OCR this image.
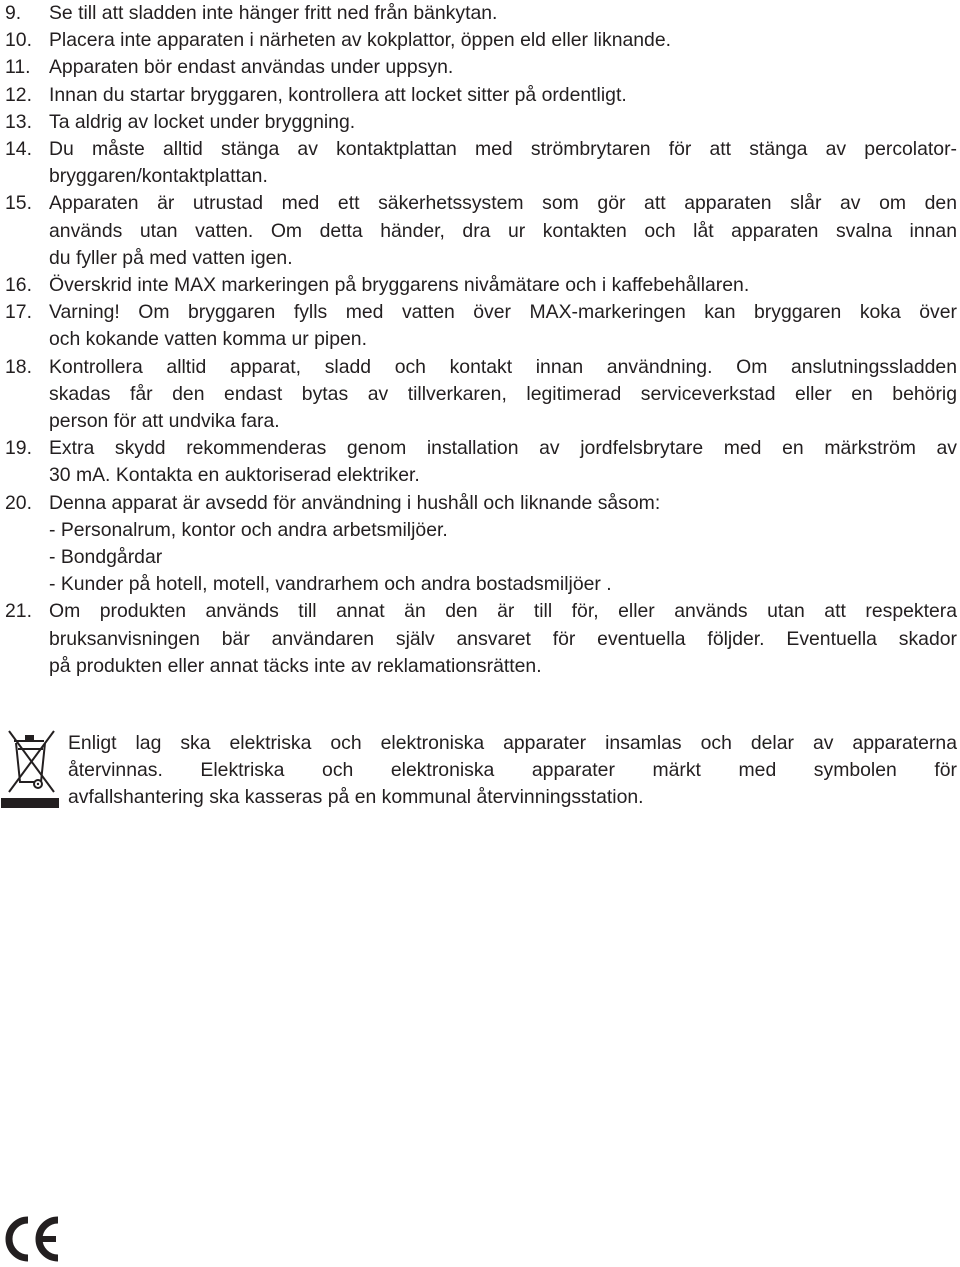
9.	Se till att sladden inte hänger fritt ned från bänkytan.
10. Placera inte apparaten i närheten av kokplattor, öppen eld eller liknande.
11. Apparaten bör endast användas under uppsyn.
12. Innan du startar bryggaren, kontrollera att locket sitter på ordentligt.
13. Ta aldrig av locket under bryggning.
14. Du måste alltid stänga av kontaktplattan med strömbrytaren för att stänga av percolator-
bryggaren/kontaktplattan.
15. Apparaten är utrustad med ett säkerhetssystem som gör att apparaten slår av om den
används utan vatten. Om detta händer, dra ur kontakten och låt apparaten svalna innan
du fyller på med vatten igen.
16. Överskrid inte MAX markeringen på bryggarens nivåmätare och i kaffebehållaren.
17. Varning! Om bryggaren fylls med vatten över MAX-markeringen kan bryggaren koka över
och kokande vatten komma ur pipen.
18. Kontrollera alltid apparat, sladd och kontakt innan användning. Om anslutningssladden
skadas får den endast bytas av tillverkaren, legitimerad serviceverkstad eller en behörig
person för att undvika fara.
19. Extra skydd rekommenderas genom installation av jordfelsbrytare med en märkström av
30 mA. Kontakta en auktoriserad elektriker.
20. Denna apparat är avsedd för användning i hushåll och liknande såsom:
- Personalrum, kontor och andra arbetsmiljöer.
- Bondgårdar
- Kunder på hotell, motell, vandrarhem och andra bostadsmiljöer .
21. Om produkten används till annat än den är till för, eller används utan att respektera
bruksanvisningen bär användaren själv ansvaret för eventuella följder. Eventuella skador
på produkten eller annat täcks inte av reklamationsrätten.
Enligt lag ska elektriska och elektroniska apparater insamlas och delar av apparaterna
återvinnas. Elektriska och elektroniska apparater märkt med symbolen för
avfallshantering ska kasseras på en kommunal återvinningsstation.
